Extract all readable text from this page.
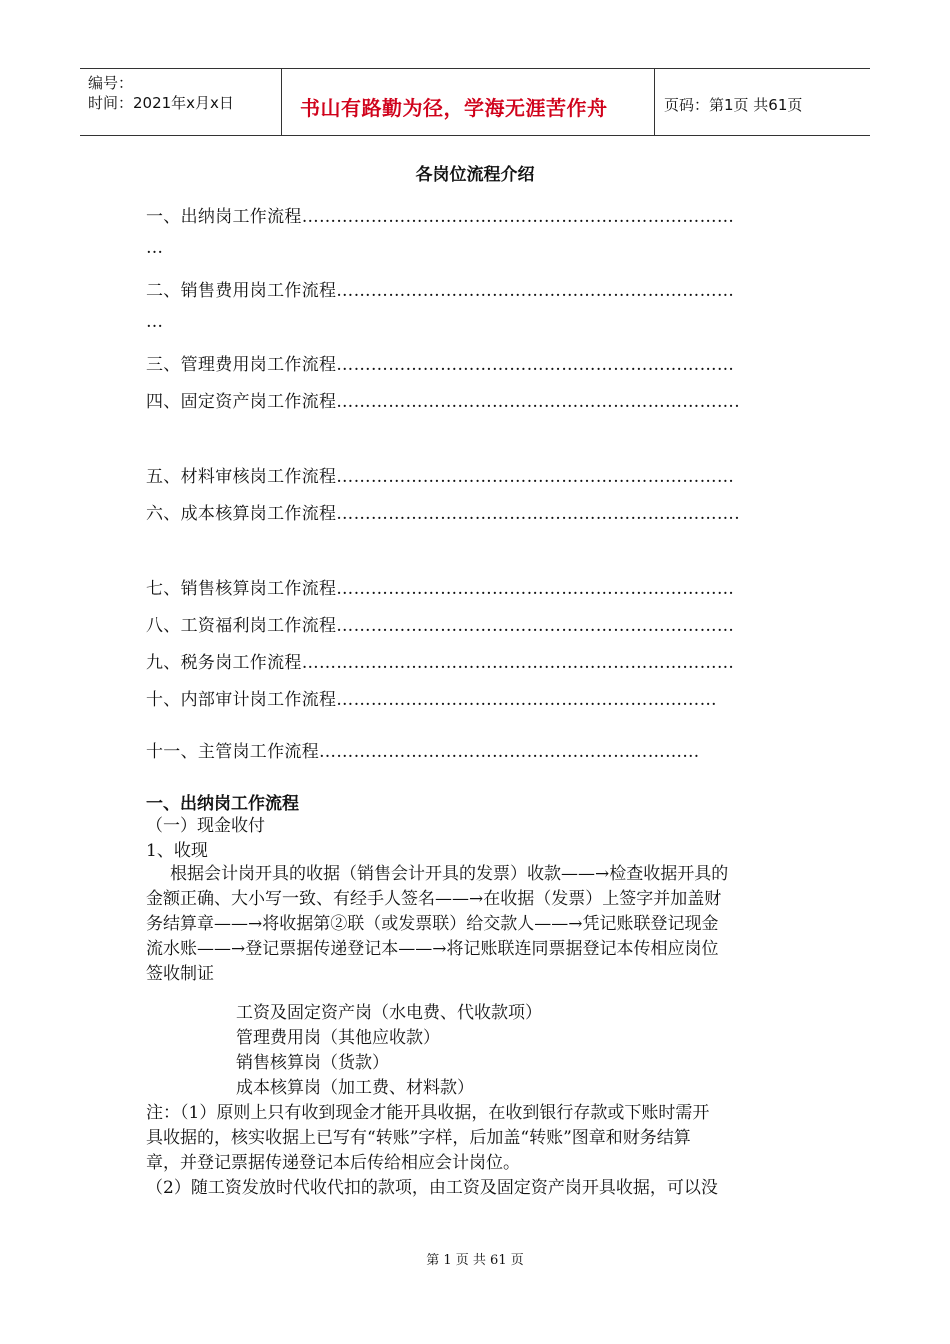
编号：
时间：2021年x月x日	书山有路勤为径，学海无涯苦作舟	页码：第1页 共61页
各岗位流程介绍
一、出纳岗工作流程…………………………………………………………………
…
二、销售费用岗工作流程……………………………………………………………
…
三、管理费用岗工作流程……………………………………………………………
四、固定资产岗工作流程…………………………………………………………….
五、材料审核岗工作流程……………………………………………………………
六、成本核算岗工作流程…………………………………………………………….
七、销售核算岗工作流程……………………………………………………………
八、工资福利岗工作流程……………………………………………………………
九、税务岗工作流程…………………………………………………………………
十、内部审计岗工作流程…………………………………………………………
十一、主管岗工作流程…………………………………………………………
一、出纳岗工作流程
（一）现金收付
1、收现
根据会计岗开具的收据（销售会计开具的发票）收款——→检查收据开具的
金额正确、大小写一致、有经手人签名——→在收据（发票）上签字并加盖财
务结算章——→将收据第②联（或发票联）给交款人——→凭记账联登记现金
流水账——→登记票据传递登记本——→将记账联连同票据登记本传相应岗位
签收制证
工资及固定资产岗（水电费、代收款项）
管理费用岗（其他应收款）
销售核算岗（货款）
成本核算岗（加工费、材料款）
注：（1）原则上只有收到现金才能开具收据，在收到银行存款或下账时需开
具收据的，核实收据上已写有“转账”字样，后加盖“转账”图章和财务结算
章，并登记票据传递登记本后传给相应会计岗位。
（2）随工资发放时代收代扣的款项，由工资及固定资产岗开具收据，可以没
第 1 页 共 61 页
